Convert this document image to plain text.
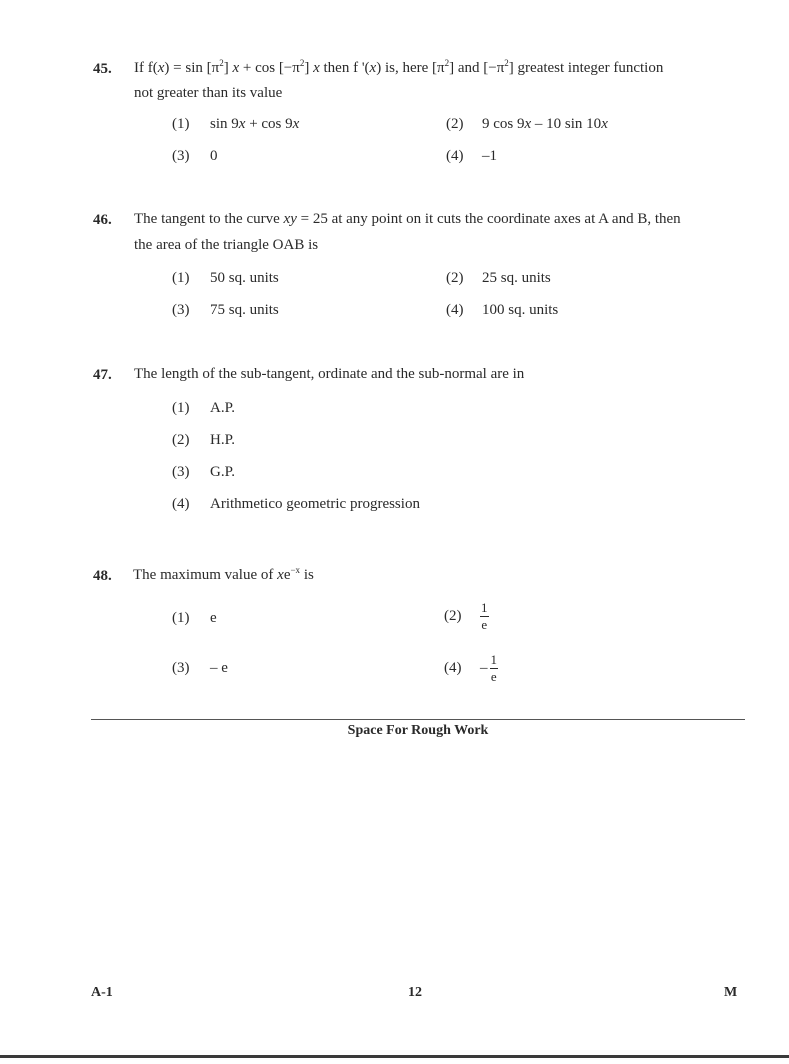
45. If $f(x) = \sin [\pi^2] x + \cos [-\pi^2]$ x then f '(x) is, here $[\pi^2]$ and $[-\pi^2]$ greatest integer function
not greater than its value
(1) sin 9x + cos 9x	(2) 9 cos 9x – 10 sin 10x
(3) 0	(4) –1
46. The tangent to the curve xy = 25 at any point on it cuts the coordinate axes at A and B, then
the area of the triangle OAB is
(1) 50 sq. units	(2) 25 sq. units
(3) 75 sq. units	(4) 100 sq. units
47. The length of the sub-tangent, ordinate and the sub-normal are in
(1) A.P.
(2) H.P.
(3) G.P.
(4) Arithmetico geometric progression
48. The maximum value of $xe^{-x}$ is
(1) e	(2)	$\frac{1}{e}$
(3) – e	(4)	– $\frac{1}{e}$
Space For Rough Work
A-1	12	M
